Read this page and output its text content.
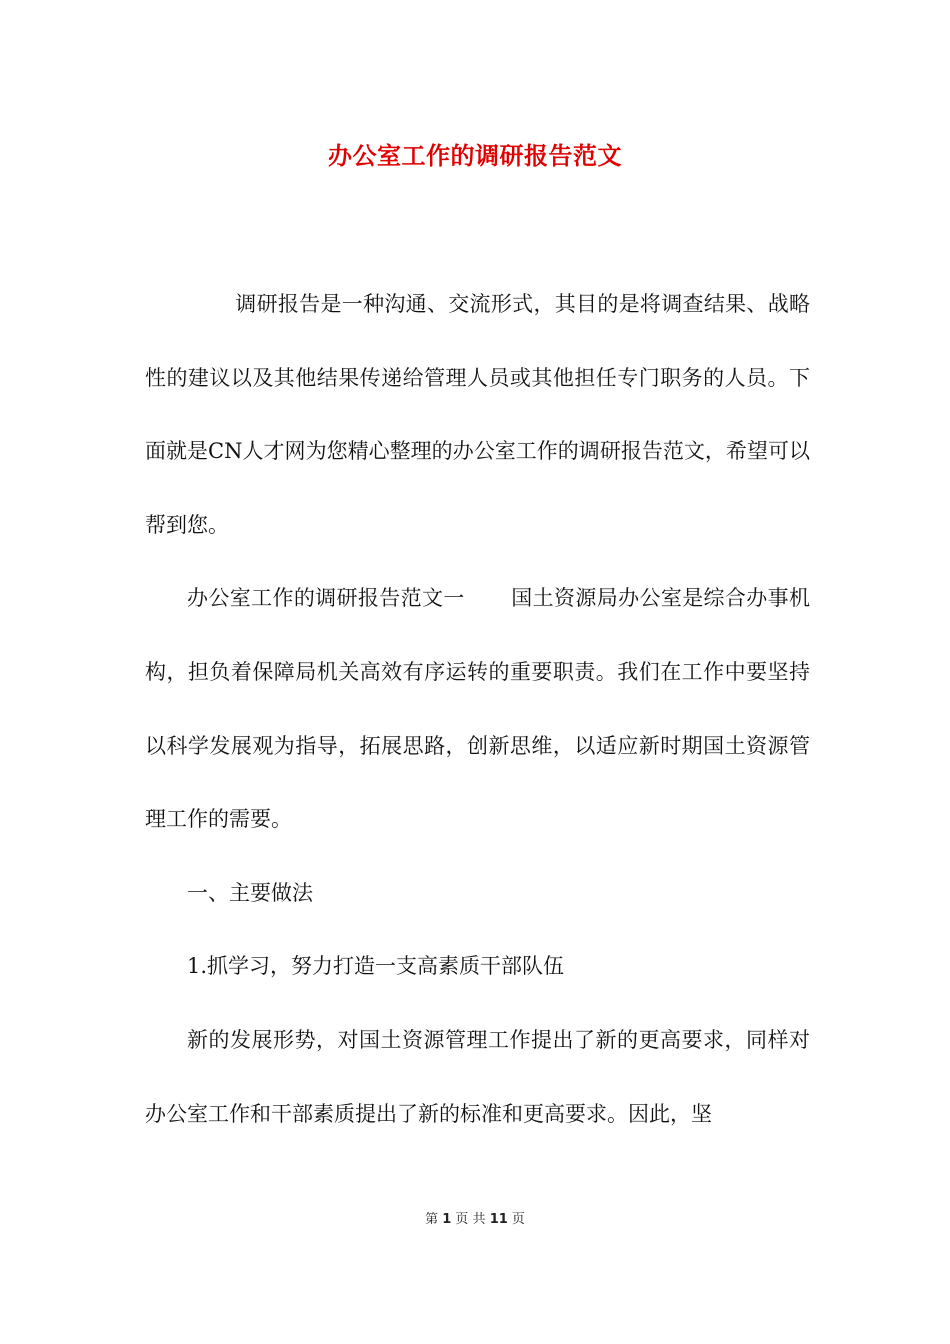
办公室工作的调研报告范文

调研报告是一种沟通、交流形式，其目的是将调查结果、战略性的建议以及其他结果传递给管理人员或其他担任专门职务的人员。下面就是CN人才网为您精心整理的办公室工作的调研报告范文，希望可以帮到您。

办公室工作的调研报告范文一 国土资源局办公室是综合办事机构，担负着保障局机关高效有序运转的重要职责。我们在工作中要坚持以科学发展观为指导，拓展思路，创新思维，以适应新时期国土资源管理工作的需要。

一、主要做法

1.抓学习，努力打造一支高素质干部队伍

新的发展形势，对国土资源管理工作提出了新的更高要求，同样对办公室工作和干部素质提出了新的标准和更高要求。因此，坚

第 1 页 共 11 页
